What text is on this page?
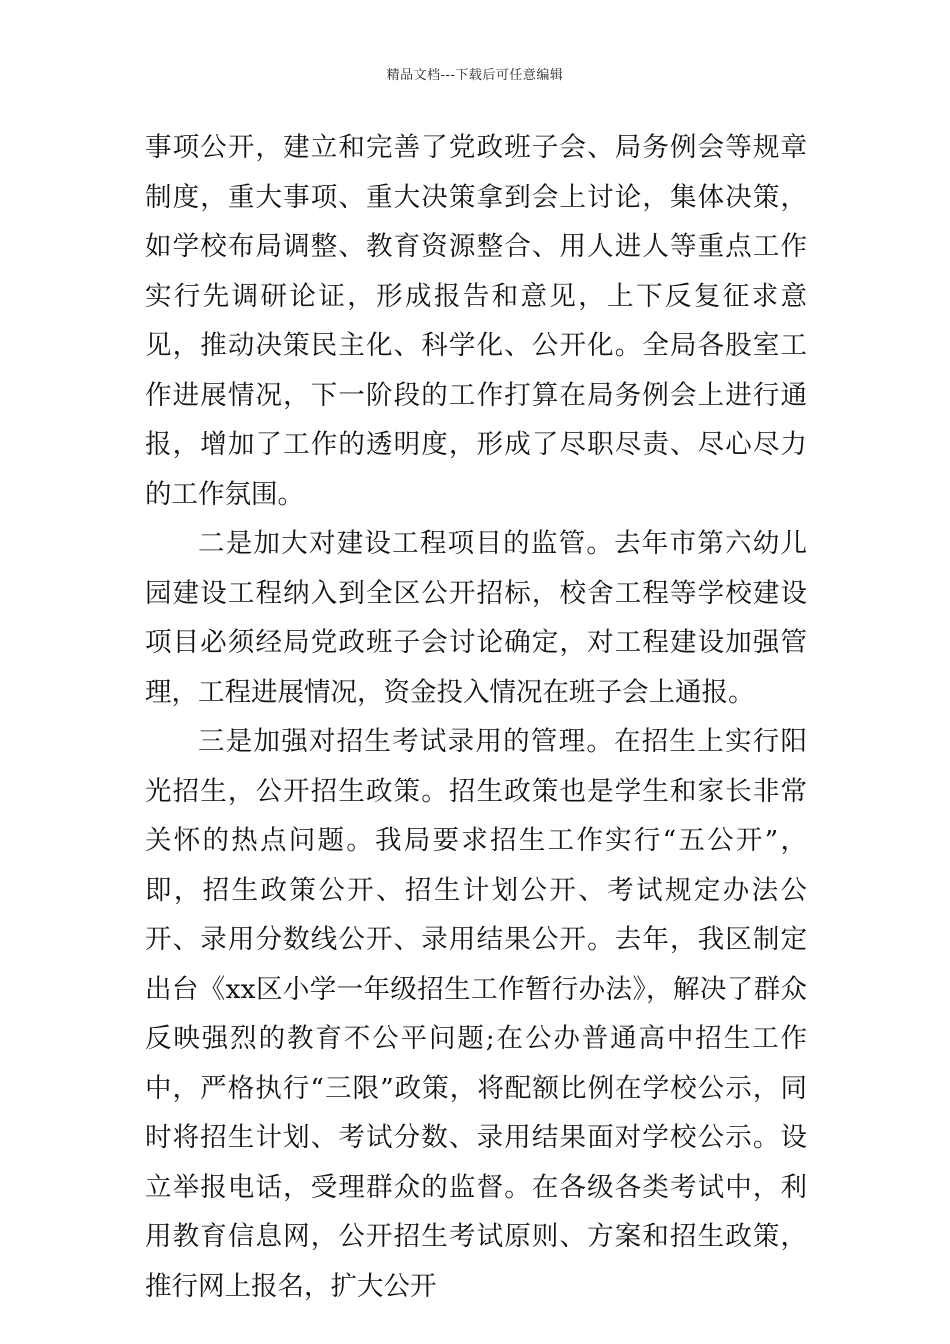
精品文档---下载后可任意编辑

事项公开，建立和完善了党政班子会、局务例会等规章制度，重大事项、重大决策拿到会上讨论，集体决策，如学校布局调整、教育资源整合、用人进人等重点工作实行先调研论证，形成报告和意见，上下反复征求意见，推动决策民主化、科学化、公开化。全局各股室工作进展情况，下一阶段的工作打算在局务例会上进行通报，增加了工作的透明度，形成了尽职尽责、尽心尽力的工作氛围。

二是加大对建设工程项目的监管。去年市第六幼儿园建设工程纳入到全区公开招标，校舍工程等学校建设项目必须经局党政班子会讨论确定，对工程建设加强管理，工程进展情况，资金投入情况在班子会上通报。

三是加强对招生考试录用的管理。在招生上实行阳光招生，公开招生政策。招生政策也是学生和家长非常关怀的热点问题。我局要求招生工作实行“五公开”，即，招生政策公开、招生计划公开、考试规定办法公开、录用分数线公开、录用结果公开。去年，我区制定出台《xx区小学一年级招生工作暂行办法》，解决了群众反映强烈的教育不公平问题;在公办普通高中招生工作中，严格执行“三限”政策，将配额比例在学校公示，同时将招生计划、考试分数、录用结果面对学校公示。设立举报电话，受理群众的监督。在各级各类考试中，利用教育信息网，公开招生考试原则、方案和招生政策，推行网上报名，扩大公开
